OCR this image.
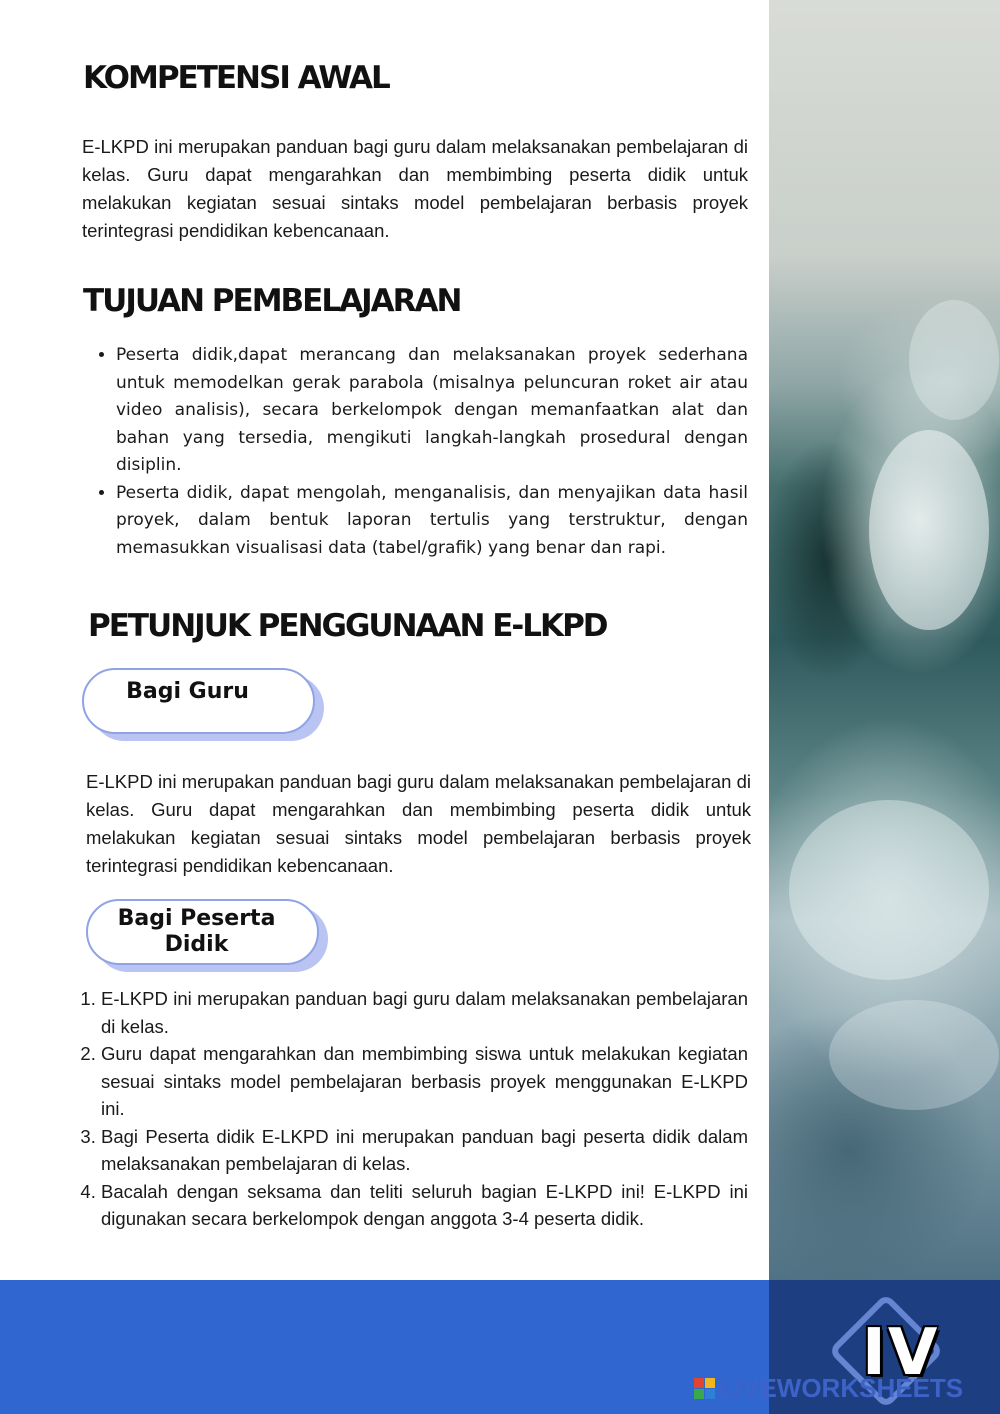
KOMPETENSI AWAL

E-LKPD ini merupakan panduan bagi guru dalam melaksanakan pembelajaran di kelas. Guru dapat mengarahkan dan membimbing peserta didik untuk melakukan kegiatan sesuai sintaks model pembelajaran berbasis proyek terintegrasi pendidikan kebencanaan.

TUJUAN PEMBELAJARAN
• Peserta didik,dapat merancang dan melaksanakan proyek sederhana untuk memodelkan gerak parabola (misalnya peluncuran roket air atau video analisis), secara berkelompok dengan memanfaatkan alat dan bahan yang tersedia, mengikuti langkah-langkah prosedural dengan disiplin.
• Peserta didik, dapat mengolah, menganalisis, dan menyajikan data hasil proyek, dalam bentuk laporan tertulis yang terstruktur, dengan memasukkan visualisasi data (tabel/grafik) yang benar dan rapi.
PETUNJUK PENGGUNAAN E-LKPD
Bagi Guru

E-LKPD ini merupakan panduan bagi guru dalam melaksanakan pembelajaran di kelas. Guru dapat mengarahkan dan membimbing peserta didik untuk melakukan kegiatan sesuai sintaks model pembelajaran berbasis proyek terintegrasi pendidikan kebencanaan.

Bagi Peserta
Didik
1. E-LKPD ini merupakan panduan bagi guru dalam melaksanakan pembelajaran di kelas.
2. Guru dapat mengarahkan dan membimbing siswa untuk melakukan kegiatan sesuai sintaks model pembelajaran berbasis proyek menggunakan E-LKPD ini.
3. Bagi Peserta didik E-LKPD ini merupakan panduan bagi peserta didik dalam melaksanakan pembelajaran di kelas.
4. Bacalah dengan seksama dan teliti seluruh bagian E-LKPD ini! E-LKPD ini digunakan secara berkelompok dengan anggota 3-4 peserta didik.
IV
LIVEWORKSHEETS
